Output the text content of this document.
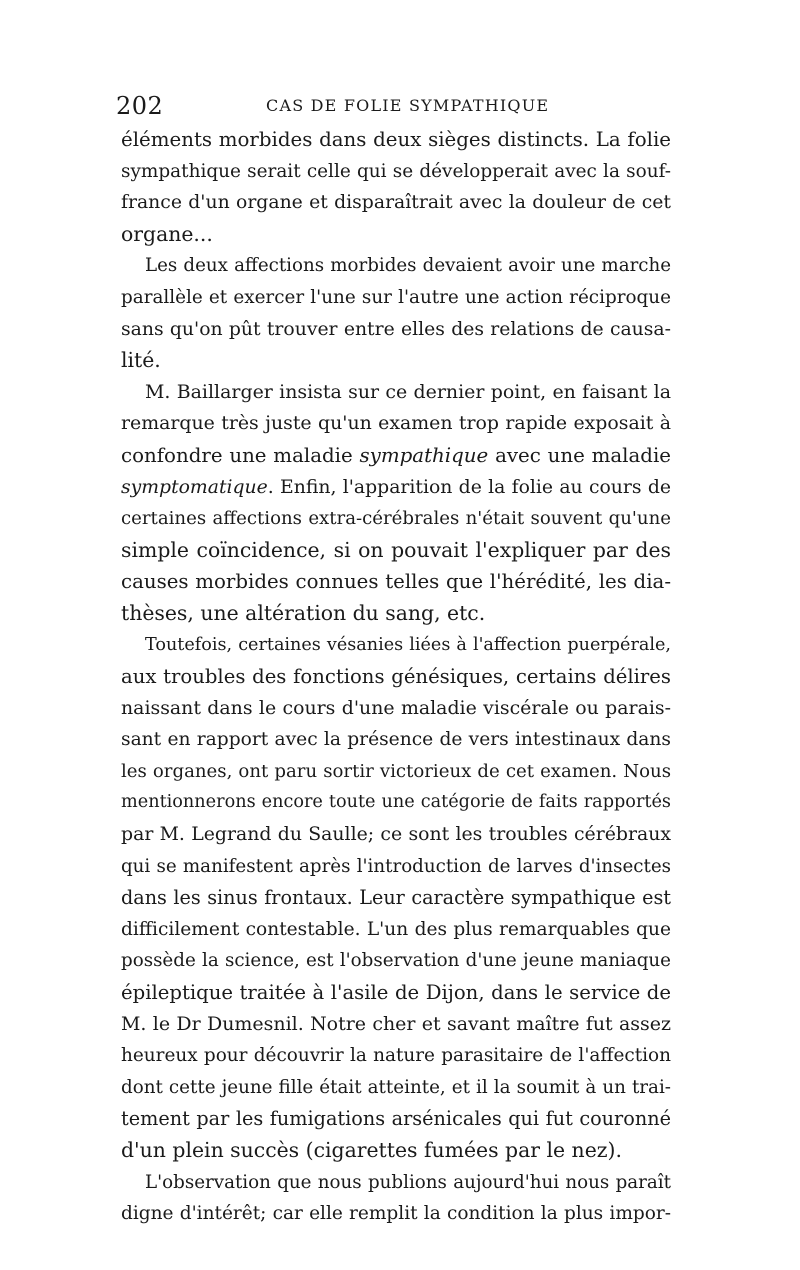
202	CAS DE FOLIE SYMPATHIQUE
éléments morbides dans deux sièges distincts. La folie
sympathique serait celle qui se développerait avec la souf-
france d'un organe et disparaîtrait avec la douleur de cet
organe...
Les deux affections morbides devaient avoir une marche
parallèle et exercer l'une sur l'autre une action réciproque
sans qu'on pût trouver entre elles des relations de causa-
lité.
M. Baillarger insista sur ce dernier point, en faisant la
remarque très juste qu'un examen trop rapide exposait à
confondre une maladie sympathique avec une maladie
symptomatique. Enfin, l'apparition de la folie au cours de
certaines affections extra-cérébrales n'était souvent qu'une
simple coïncidence, si on pouvait l'expliquer par des
causes morbides connues telles que l'hérédité, les dia-
thèses, une altération du sang, etc.
Toutefois, certaines vésanies liées à l'affection puerpérale,
aux troubles des fonctions génésiques, certains délires
naissant dans le cours d'une maladie viscérale ou parais-
sant en rapport avec la présence de vers intestinaux dans
les organes, ont paru sortir victorieux de cet examen. Nous
mentionnerons encore toute une catégorie de faits rapportés
par M. Legrand du Saulle; ce sont les troubles cérébraux
qui se manifestent après l'introduction de larves d'insectes
dans les sinus frontaux. Leur caractère sympathique est
difficilement contestable. L'un des plus remarquables que
possède la science, est l'observation d'une jeune maniaque
épileptique traitée à l'asile de Dijon, dans le service de
M. le Dr Dumesnil. Notre cher et savant maître fut assez
heureux pour découvrir la nature parasitaire de l'affection
dont cette jeune fille était atteinte, et il la soumit à un trai-
tement par les fumigations arsénicales qui fut couronné
d'un plein succès (cigarettes fumées par le nez).
L'observation que nous publions aujourd'hui nous paraît
digne d'intérêt; car elle remplit la condition la plus impor-
